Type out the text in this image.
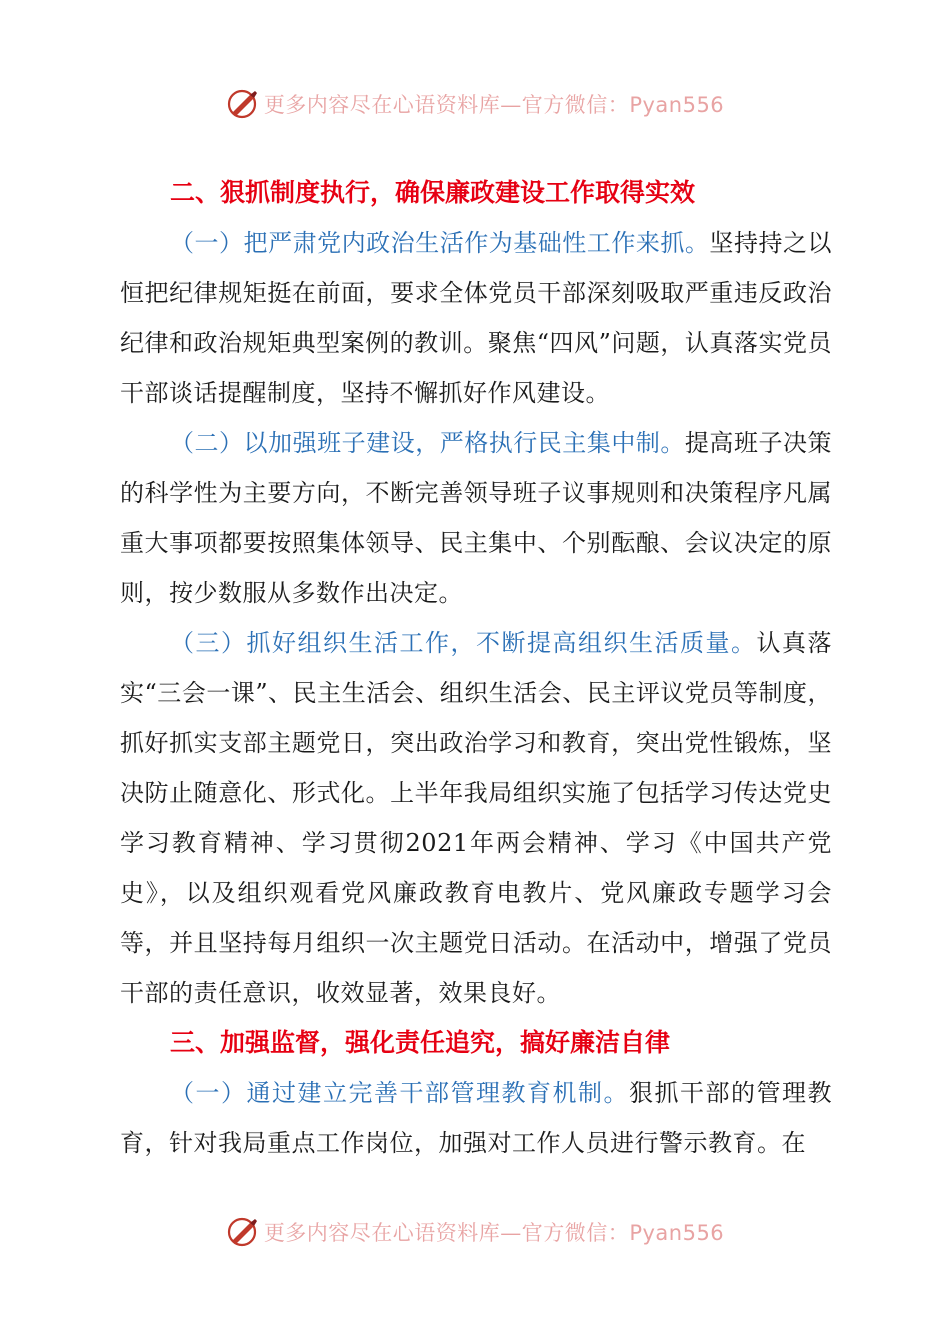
更多内容尽在心语资料库—官方微信：Pyan556

二、狠抓制度执行，确保廉政建设工作取得实效

（一）把严肃党内政治生活作为基础性工作来抓。坚持持之以恒把纪律规矩挺在前面，要求全体党员干部深刻吸取严重违反政治纪律和政治规矩典型案例的教训。聚焦“四风”问题，认真落实党员干部谈话提醒制度，坚持不懈抓好作风建设。

（二）以加强班子建设，严格执行民主集中制。提高班子决策的科学性为主要方向，不断完善领导班子议事规则和决策程序凡属重大事项都要按照集体领导、民主集中、个别酝酿、会议决定的原则，按少数服从多数作出决定。

（三）抓好组织生活工作，不断提高组织生活质量。认真落实“三会一课”、民主生活会、组织生活会、民主评议党员等制度，抓好抓实支部主题党日，突出政治学习和教育，突出党性锻炼，坚决防止随意化、形式化。上半年我局组织实施了包括学习传达党史学习教育精神、学习贯彻2021年两会精神、学习《中国共产党史》，以及组织观看党风廉政教育电教片、党风廉政专题学习会等，并且坚持每月组织一次主题党日活动。在活动中，增强了党员干部的责任意识，收效显著，效果良好。

三、加强监督，强化责任追究，搞好廉洁自律

（一）通过建立完善干部管理教育机制。狠抓干部的管理教育，针对我局重点工作岗位，加强对工作人员进行警示教育。在

更多内容尽在心语资料库—官方微信：Pyan556
